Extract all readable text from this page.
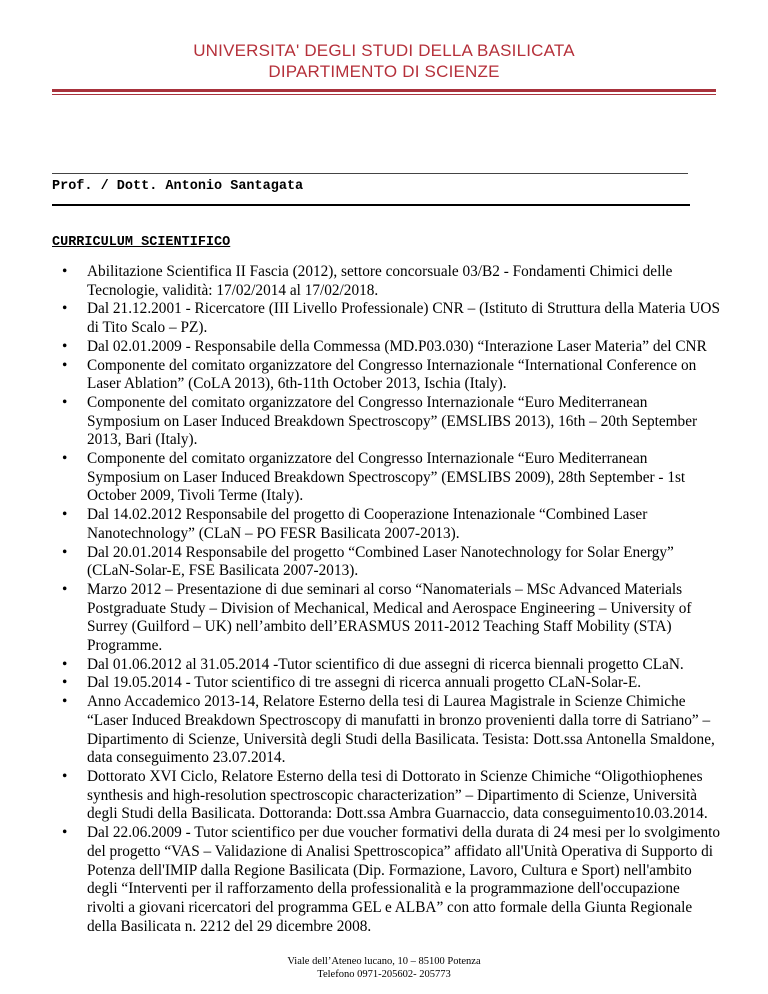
UNIVERSITA' DEGLI STUDI DELLA BASILICATA
DIPARTIMENTO DI SCIENZE
Prof. / Dott. Antonio Santagata
CURRICULUM SCIENTIFICO
• Abilitazione Scientifica II Fascia (2012), settore concorsuale 03/B2 - Fondamenti Chimici delle Tecnologie, validità: 17/02/2014 al 17/02/2018.
• Dal 21.12.2001 - Ricercatore (III Livello Professionale) CNR – (Istituto di Struttura della Materia UOS di Tito Scalo – PZ).
• Dal 02.01.2009 - Responsabile della Commessa (MD.P03.030) “Interazione Laser Materia” del CNR
• Componente del comitato organizzatore del Congresso Internazionale “International Conference on Laser Ablation” (CoLA 2013), 6th-11th October 2013, Ischia (Italy).
• Componente del comitato organizzatore del Congresso Internazionale “Euro Mediterranean Symposium on Laser Induced Breakdown Spectroscopy” (EMSLIBS 2013), 16th – 20th September 2013, Bari (Italy).
• Componente del comitato organizzatore del Congresso Internazionale “Euro Mediterranean Symposium on Laser Induced Breakdown Spectroscopy” (EMSLIBS 2009), 28th September - 1st October 2009, Tivoli Terme (Italy).
• Dal 14.02.2012 Responsabile del progetto di Cooperazione Intenazionale “Combined Laser Nanotechnology” (CLaN – PO FESR Basilicata 2007-2013).
• Dal 20.01.2014 Responsabile del progetto “Combined Laser Nanotechnology for Solar Energy” (CLaN-Solar-E, FSE Basilicata 2007-2013).
• Marzo 2012 – Presentazione di due seminari al corso “Nanomaterials – MSc Advanced Materials Postgraduate Study – Division of Mechanical, Medical and Aerospace Engineering – University of Surrey (Guilford – UK) nell’ambito dell’ERASMUS 2011-2012 Teaching Staff Mobility (STA) Programme.
• Dal 01.06.2012 al 31.05.2014 -Tutor scientifico di due assegni di ricerca biennali progetto CLaN.
• Dal 19.05.2014 - Tutor scientifico di tre assegni di ricerca annuali progetto CLaN-Solar-E.
• Anno Accademico 2013-14, Relatore Esterno della tesi di Laurea Magistrale in Scienze Chimiche “Laser Induced Breakdown Spectroscopy di manufatti in bronzo provenienti dalla torre di Satriano” – Dipartimento di Scienze, Università degli Studi della Basilicata. Tesista: Dott.ssa Antonella Smaldone, data conseguimento 23.07.2014.
• Dottorato XVI Ciclo, Relatore Esterno della tesi di Dottorato in Scienze Chimiche “Oligothiophenes synthesis and high-resolution spectroscopic characterization” – Dipartimento di Scienze, Università degli Studi della Basilicata. Dottoranda: Dott.ssa Ambra Guarnaccio, data conseguimento10.03.2014.
• Dal 22.06.2009 - Tutor scientifico per due voucher formativi della durata di 24 mesi per lo svolgimento del progetto “VAS – Validazione di Analisi Spettroscopica” affidato all'Unità Operativa di Supporto di Potenza dell'IMIP dalla Regione Basilicata (Dip. Formazione, Lavoro, Cultura e Sport) nell'ambito degli “Interventi per il rafforzamento della professionalità e la programmazione dell'occupazione rivolti a giovani ricercatori del programma GEL e ALBA” con atto formale della Giunta Regionale della Basilicata n. 2212 del 29 dicembre 2008.
Viale dell’Ateneo lucano, 10 – 85100 Potenza
Telefono 0971-205602- 205773
